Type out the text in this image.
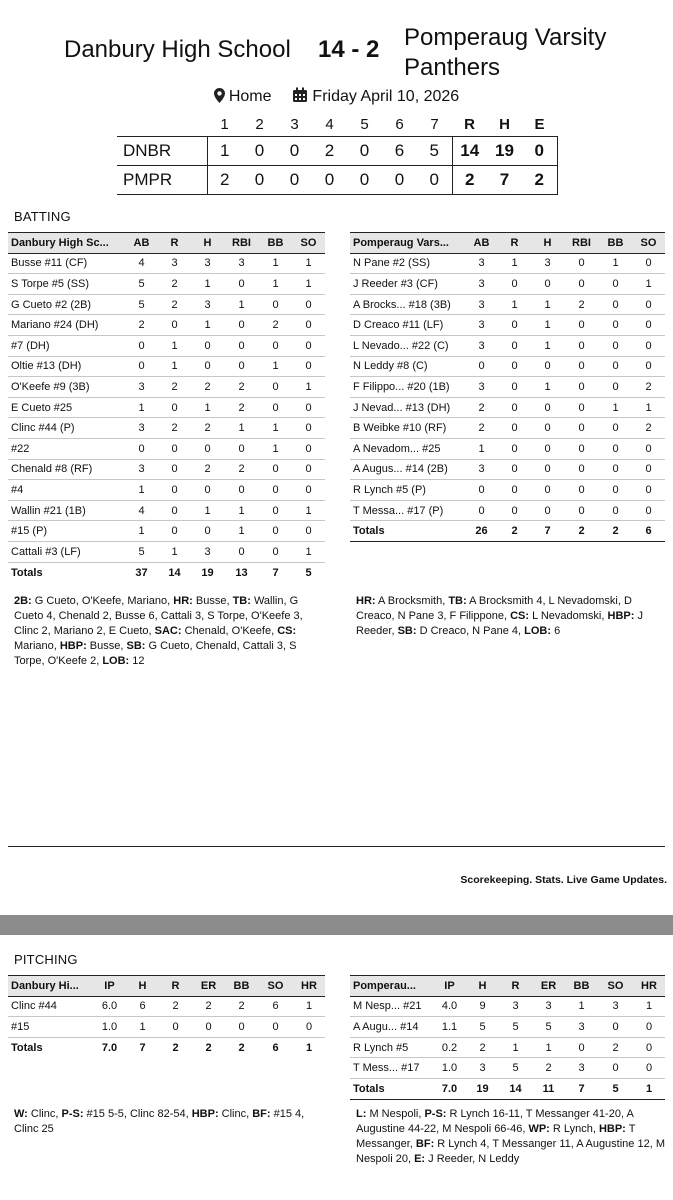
Danbury High School 14 - 2 Pomperaug Varsity Panthers
Home	Friday April 10, 2026
	1	2	3	4	5	6	7	R	H	E
DNBR	1	0	0	2	0	6	5	14	19	0
PMPR	2	0	0	0	0	0	0	2	7	2
BATTING
Danbury High Sc...	AB	R	H	RBI	BB	SO
Busse #11 (CF)	4	3	3	3	1	1
S Torpe #5 (SS)	5	2	1	0	1	1
G Cueto #2 (2B)	5	2	3	1	0	0
Mariano #24 (DH)	2	0	1	0	2	0
#7 (DH)	0	1	0	0	0	0
Oltie #13 (DH)	0	1	0	0	1	0
O'Keefe #9 (3B)	3	2	2	2	0	1
E Cueto #25	1	0	1	2	0	0
Clinc #44 (P)	3	2	2	1	1	0
#22	0	0	0	0	1	0
Chenald #8 (RF)	3	0	2	2	0	0
#4	1	0	0	0	0	0
Wallin #21 (1B)	4	0	1	1	0	1
#15 (P)	1	0	0	1	0	0
Cattali #3 (LF)	5	1	3	0	0	1
Totals	37	14	19	13	7	5
Pomperaug Vars...	AB	R	H	RBI	BB	SO
N Pane #2 (SS)	3	1	3	0	1	0
J Reeder #3 (CF)	3	0	0	0	0	1
A Brocks... #18 (3B)	3	1	1	2	0	0
D Creaco #11 (LF)	3	0	1	0	0	0
L Nevado... #22 (C)	3	0	1	0	0	0
N Leddy #8 (C)	0	0	0	0	0	0
F Filippo... #20 (1B)	3	0	1	0	0	2
J Nevad... #13 (DH)	2	0	0	0	1	1
B Weibke #10 (RF)	2	0	0	0	0	2
A Nevadom... #25	1	0	0	0	0	0
A Augus... #14 (2B)	3	0	0	0	0	0
R Lynch #5 (P)	0	0	0	0	0	0
T Messa... #17 (P)	0	0	0	0	0	0
Totals	26	2	7	2	2	6
2B: G Cueto, O'Keefe, Mariano, HR: Busse, TB: Wallin, G Cueto 4, Chenald 2, Busse 6, Cattali 3, S Torpe, O'Keefe 3, Clinc 2, Mariano 2, E Cueto, SAC: Chenald, O'Keefe, CS: Mariano, HBP: Busse, SB: G Cueto, Chenald, Cattali 3, S Torpe, O'Keefe 2, LOB: 12
HR: A Brocksmith, TB: A Brocksmith 4, L Nevadomski, D Creaco, N Pane 3, F Filippone, CS: L Nevadomski, HBP: J Reeder, SB: D Creaco, N Pane 4, LOB: 6
Scorekeeping. Stats. Live Game Updates.
PITCHING
Danbury Hi...	IP	H	R	ER	BB	SO	HR
Clinc #44	6.0	6	2	2	2	6	1
#15	1.0	1	0	0	0	0	0
Totals	7.0	7	2	2	2	6	1
Pomperau...	IP	H	R	ER	BB	SO	HR
M Nesp... #21	4.0	9	3	3	1	3	1
A Augu... #14	1.1	5	5	5	3	0	0
R Lynch #5	0.2	2	1	1	0	2	0
T Mess... #17	1.0	3	5	2	3	0	0
Totals	7.0	19	14	11	7	5	1
W: Clinc, P-S: #15 5-5, Clinc 82-54, HBP: Clinc, BF: #15 4, Clinc 25
L: M Nespoli, P-S: R Lynch 16-11, T Messanger 41-20, A Augustine 44-22, M Nespoli 66-46, WP: R Lynch, HBP: T Messanger, BF: R Lynch 4, T Messanger 11, A Augustine 12, M Nespoli 20, E: J Reeder, N Leddy
